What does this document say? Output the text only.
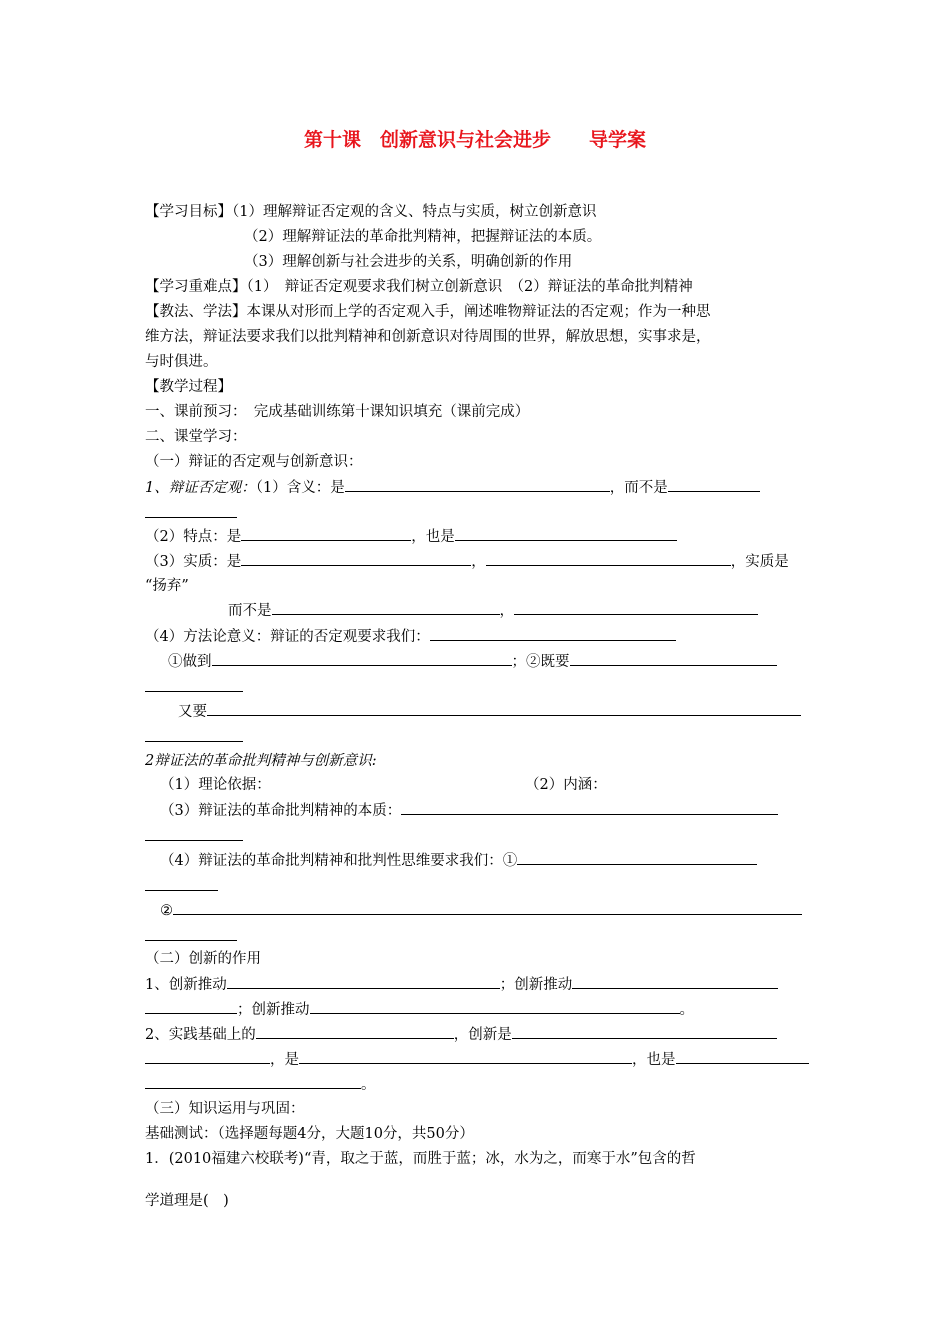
第十课　创新意识与社会进步　　导学案
【学习目标】（1）理解辩证否定观的含义、特点与实质，树立创新意识
（2）理解辩证法的革命批判精神，把握辩证法的本质。
（3）理解创新与社会进步的关系，明确创新的作用
【学习重难点】（1）　辩证否定观要求我们树立创新意识　（2）辩证法的革命批判精神
【教法、学法】本课从对形而上学的否定观入手，阐述唯物辩证法的否定观；作为一种思
维方法，辩证法要求我们以批判精神和创新意识对待周围的世界，解放思想，实事求是，
与时俱进。
【教学过程】
一、课前预习：　完成基础训练第十课知识填充（课前完成）
二、课堂学习：
（一）辩证的否定观与创新意识：
1、辩证否定观：（1）含义：是	，而不是
（2）特点：是	，也是
（3）实质：是	，	，实质是
“扬弃”
而不是	，
（4）方法论意义：辩证的否定观要求我们：
①做到	；②既要
又要
2辩证法的革命批判精神与创新意识:
（1）理论依据：	（2）内涵：
（3）辩证法的革命批判精神的本质：
（4）辩证法的革命批判精神和批判性思维要求我们：①
②
（二）创新的作用
1、创新推动	；创新推动
；创新推动	。
2、实践基础上的	，创新是
，是	，也是
。
（三）知识运用与巩固：
基础测试：（选择题每题4分，大题10分，共50分）
1．(2010福建六校联考)“青，取之于蓝，而胜于蓝；冰，水为之，而寒于水”包含的哲
学道理是(　)
